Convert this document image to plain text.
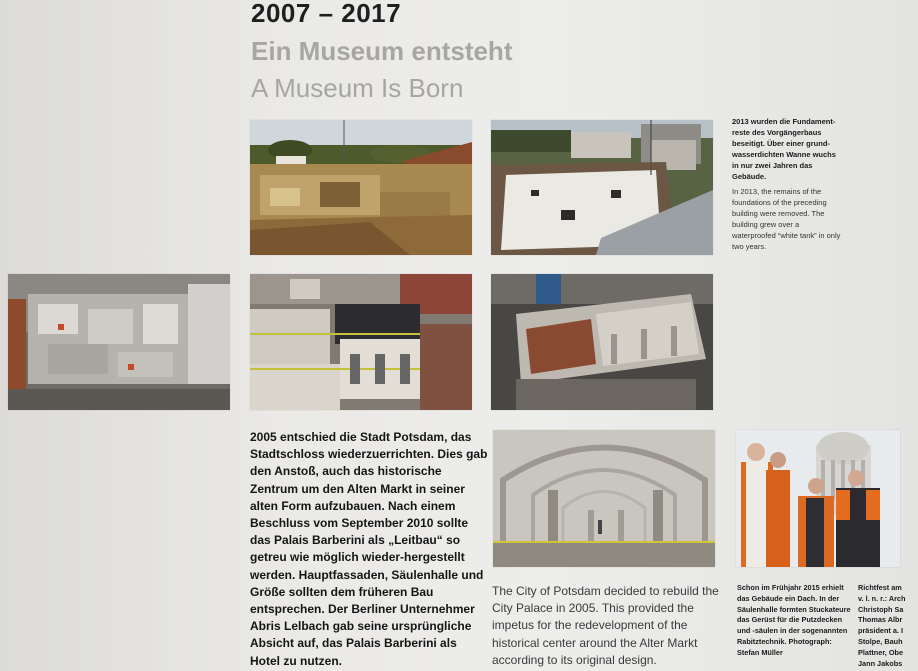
2007 – 2017
Ein Museum entsteht
A Museum Is Born
2013 wurden die Fundament-reste des Vorgängerbaus beseitigt. Über einer grund-wasserdichten Wanne wuchs in nur zwei Jahren das Gebäude.
In 2013, the remains of the foundations of the preceding building were removed. The building grew over a waterproofed “white tank” in only two years.
2005 entschied die Stadt Potsdam, das Stadtschloss wiederzuerrichten. Dies gab den Anstoß, auch das historische Zentrum um den Alten Markt in seiner alten Form aufzubauen. Nach einem Beschluss vom September 2010 sollte das Palais Barberini als „Leitbau“ so getreu wie möglich wieder-hergestellt werden. Hauptfassaden, Säulenhalle und Größe sollten dem früheren Bau entsprechen. Der Berliner Unternehmer Abris Lelbach gab seine ursprüngliche Absicht auf, das Palais Barberini als Hotel zu nutzen.
The City of Potsdam decided to rebuild the City Palace in 2005. This provided the impetus for the redevelopment of the historical center around the Alter Markt according to its original design.
Schon im Frühjahr 2015 erhielt das Gebäude ein Dach. In der Säulenhalle formten Stuckateure das Gerüst für die Putzdecken und -säulen in der sogenannten Rabitztechnik. Photograph: Stefan Müller
Richtfest am
v. l. n. r.: Arch
Christoph Sa
Thomas Albr
präsident a. I
Stolpe, Bauh
Plattner, Obe
Jann Jakobs
